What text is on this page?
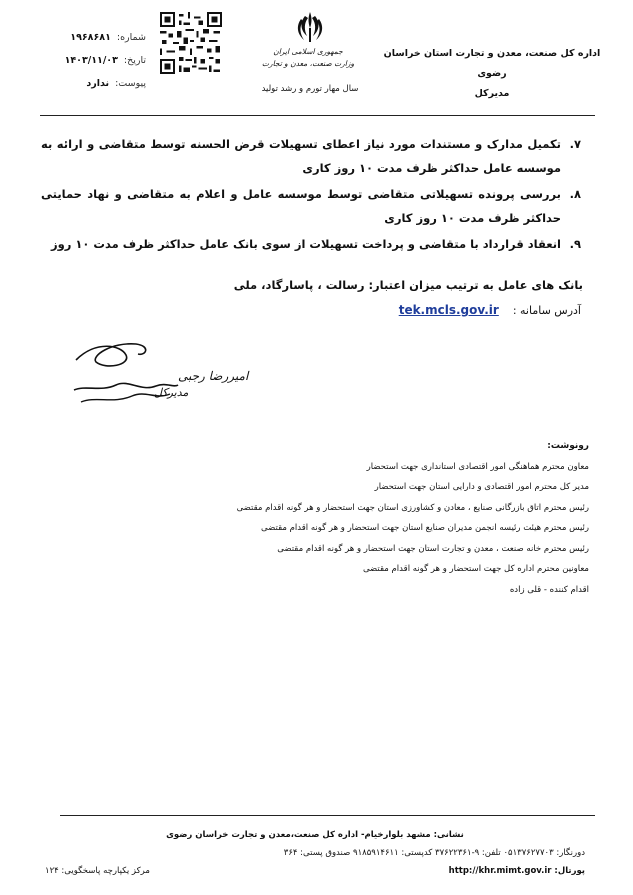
اداره کل صنعت، معدن و تجارت استان خراسان رضوی
مدیرکل
جمهوری اسلامی ایران
وزارت صنعت، معدن و تجارت
سال مهار تورم و رشد تولید
شماره:
۱۹۶۸۶۸۱
تاریخ:
۱۴۰۳/۱۱/۰۳
پیوست:
ندارد
۷.
تکمیل مدارک و مستندات مورد نیاز اعطای تسهیلات قرض الحسنه توسط متقاضی و ارائه به موسسه عامل حداکثر ظرف مدت ۱۰ روز کاری
۸.
بررسی پرونده تسهیلاتی متقاضی توسط موسسه عامل و اعلام به متقاضی و نهاد حمایتی حداکثر ظرف مدت ۱۰ روز کاری
۹.
انعقاد قرارداد با متقاضی و پرداخت تسهیلات از سوی بانک عامل حداکثر ظرف مدت ۱۰ روز
بانک های عامل به ترتیب میزان اعتبار: رسالت ، پاسارگاد، ملی
آدرس سامانه :
tek.mcls.gov.ir
امیررضا رجبی
مدیرکل
رونوشت:
معاون محترم هماهنگی امور اقتصادی استانداری جهت استحضار
مدیر کل محترم امور اقتصادی و دارایی استان جهت استحضار
رئیس محترم اتاق بازرگانی صنایع ، معادن و کشاورزی استان جهت استحضار و هر گونه اقدام مقتضی
رئیس محترم هیئت رئیسه انجمن مدیران صنایع استان جهت استحضار و هر گونه اقدام مقتضی
رئیس محترم خانه صنعت ، معدن و تجارت استان جهت استحضار و هر گونه اقدام مقتضی
معاونین محترم اداره کل جهت استحضار و هر گونه اقدام مقتضی
اقدام کننده - قلی زاده
نشانی: مشهد بلوارخیام- اداره کل صنعت،معدن و تجارت خراسان رضوی
دورنگار: ۰۵۱۳۷۶۲۷۷۰۳ تلفن: ۹-۳۷۶۲۲۳۶۱ کدپستی: ۹۱۸۵۹۱۴۶۱۱ صندوق پستی: ۳۶۴
پورتال: http://khr.mimt.gov.ir
مرکز یکپارچه پاسخگویی: ۱۲۴
